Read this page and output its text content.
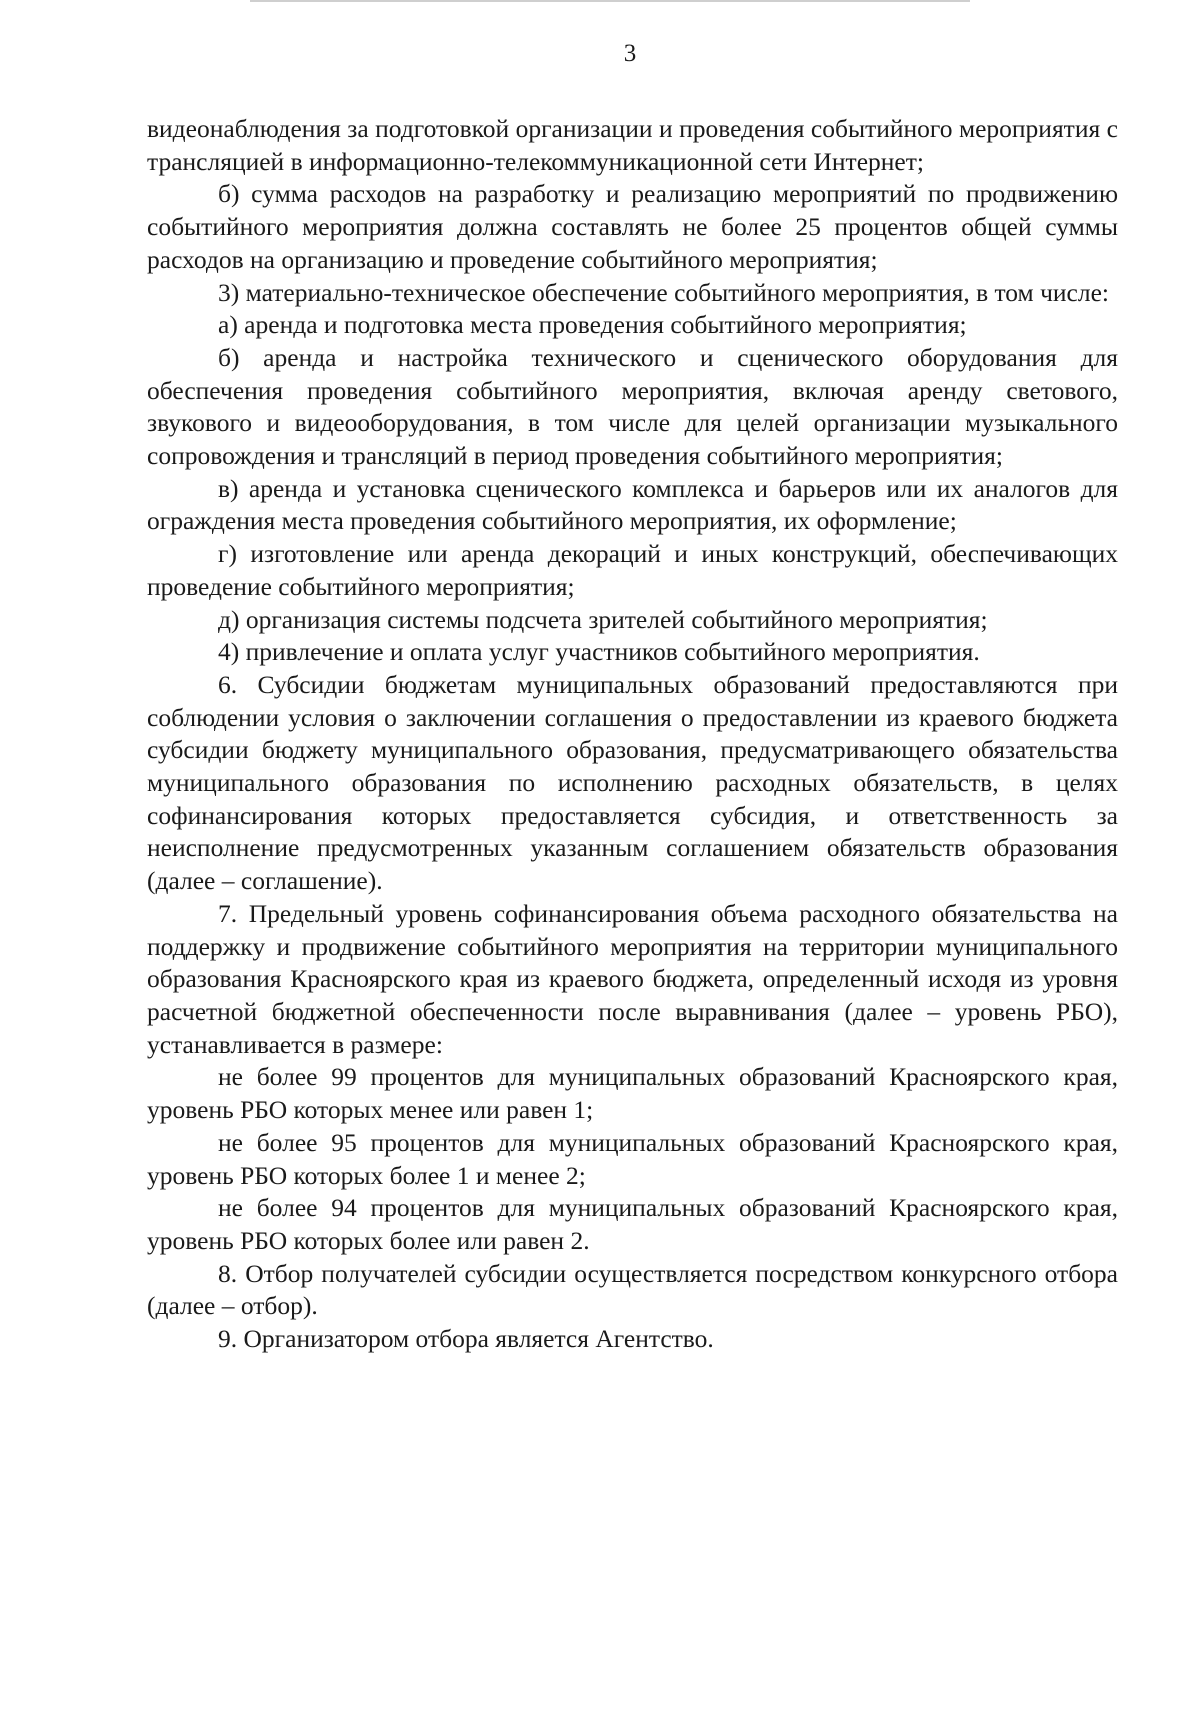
3

видеонаблюдения за подготовкой организации и проведения событийного мероприятия с трансляцией в информационно-телекоммуникационной сети Интернет;

б) сумма расходов на разработку и реализацию мероприятий по продвижению событийного мероприятия должна составлять не более 25 процентов общей суммы расходов на организацию и проведение событийного мероприятия;

3) материально-техническое обеспечение событийного мероприятия, в том числе:

а) аренда и подготовка места проведения событийного мероприятия;

б) аренда и настройка технического и сценического оборудования для обеспечения проведения событийного мероприятия, включая аренду светового, звукового и видеооборудования, в том числе для целей организации музыкального сопровождения и трансляций в период проведения событийного мероприятия;

в) аренда и установка сценического комплекса и барьеров или их аналогов для ограждения места проведения событийного мероприятия, их оформление;

г) изготовление или аренда декораций и иных конструкций, обеспечивающих проведение событийного мероприятия;

д) организация системы подсчета зрителей событийного мероприятия;

4) привлечение и оплата услуг участников событийного мероприятия.

6. Субсидии бюджетам муниципальных образований предоставляются при соблюдении условия о заключении соглашения о предоставлении из краевого бюджета субсидии бюджету муниципального образования, предусматривающего обязательства муниципального образования по исполнению расходных обязательств, в целях софинансирования которых предоставляется субсидия, и ответственность за неисполнение предусмотренных указанным соглашением обязательств образования (далее – соглашение).

7. Предельный уровень софинансирования объема расходного обязательства на поддержку и продвижение событийного мероприятия на территории муниципального образования Красноярского края из краевого бюджета, определенный исходя из уровня расчетной бюджетной обеспеченности после выравнивания (далее – уровень РБО), устанавливается в размере:

не более 99 процентов для муниципальных образований Красноярского края, уровень РБО которых менее или равен 1;

не более 95 процентов для муниципальных образований Красноярского края, уровень РБО которых более 1 и менее 2;

не более 94 процентов для муниципальных образований Красноярского края, уровень РБО которых более или равен 2.

8. Отбор получателей субсидии осуществляется посредством конкурсного отбора (далее – отбор).

9. Организатором отбора является Агентство.
